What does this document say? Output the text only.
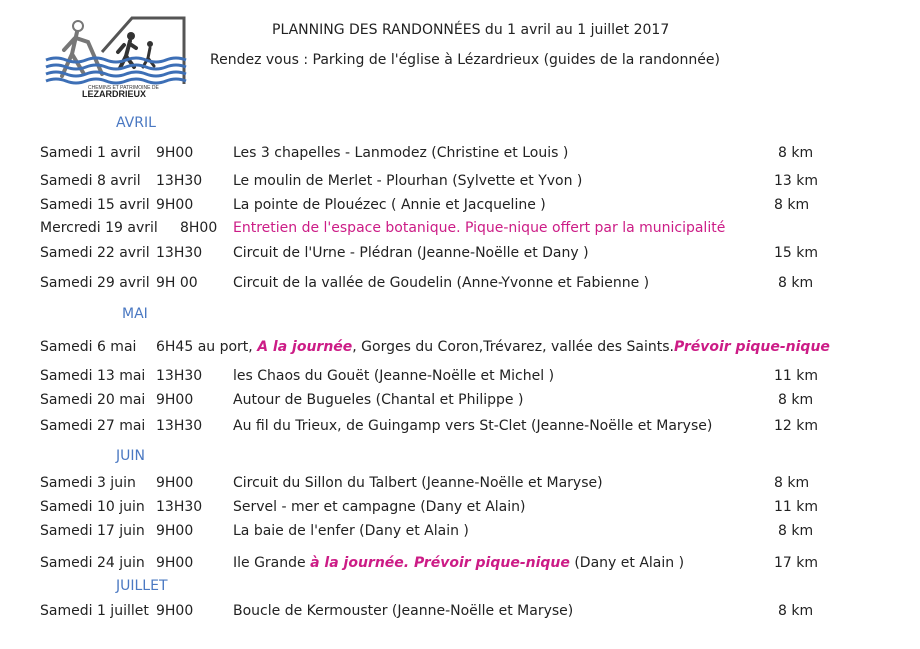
CHEMINS ET PATRIMOINE DE
LEZARDRIEUX
PLANNING DES RANDONNÉES du 1 avril au 1 juillet 2017
Rendez vous : Parking de l'église à Lézardrieux (guides de la randonnée)
AVRIL
Samedi 1 avril 9H00	Les 3 chapelles - Lanmodez (Christine et Louis )	8 km
Samedi 8 avril 13H30 Le moulin de Merlet - Plourhan (Sylvette et Yvon )	13 km
Samedi 15 avril 9H00	La pointe de Plouézec ( Annie et Jacqueline )	8 km
Mercredi 19 avril 8H00 Entretien de l'espace botanique. Pique-nique offert par la municipalité
Samedi 22 avril 13H30 Circuit de l'Urne - Plédran (Jeanne-Noëlle et Dany )	15 km
Samedi 29 avril 9H 00	Circuit de la vallée de Goudelin (Anne-Yvonne et Fabienne )	8 km
MAI
Samedi 6 mai 6H45 au port, A la journée, Gorges du Coron,Trévarez, vallée des Saints.Prévoir pique-nique
Samedi 13 mai 13H30 les Chaos du Gouët (Jeanne-Noëlle et Michel )	11 km
Samedi 20 mai 9H00	Autour de Bugueles (Chantal et Philippe )	8 km
Samedi 27 mai 13H30 Au fil du Trieux, de Guingamp vers St-Clet (Jeanne-Noëlle et Maryse)	12 km
JUIN
Samedi 3 juin 9H00	Circuit du Sillon du Talbert (Jeanne-Noëlle et Maryse)	8 km
Samedi 10 juin 13H30 Servel - mer et campagne (Dany et Alain)	11 km
Samedi 17 juin 9H00	La baie de l'enfer (Dany et Alain )	8 km
Samedi 24 juin 9H00	Ile Grande à la journée. Prévoir pique-nique (Dany et Alain )	17 km
JUILLET
Samedi 1 juillet 9H00	Boucle de Kermouster (Jeanne-Noëlle et Maryse)	8 km
